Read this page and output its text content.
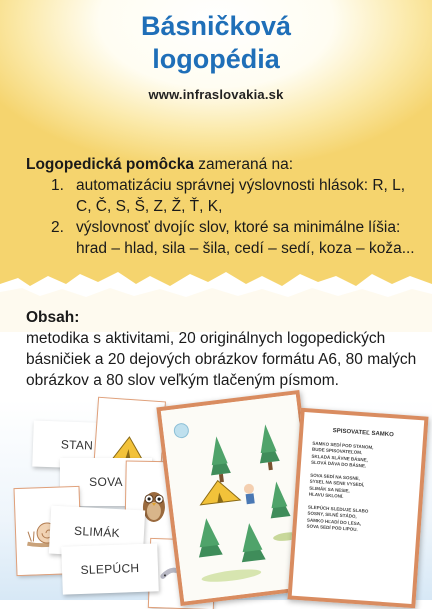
Básničková
logopédia
www.infraslovakia.sk
Logopedická pomôcka zameraná na:
1. automatizáciu správnej výslovnosti hlások: R, L, C, Č, S, Š, Z, Ž, Ť, K,
2. výslovnosť dvojíc slov, ktoré sa minimálne líšia: hrad – hlad, sila – šila, cedí – sedí, koza – koža...
Obsah:
metodika s aktivitami, 20 originálnych logopedických básničiek a 20 dejových obrázkov formátu A6, 80 malých obrázkov a 80 slov veľkým tlačeným písmom.
STAN
SOVA
SLIMÁK
SLEPÚCH
SPISOVATEĽ SAMKO
SAMKO SEDÍ POD STANOM,
BUDE SPISOVATEĽOM.
SKLADÁ SLÁVNE BÁSNE,
SLOVÁ DÁVA DO BÁSNE.

SOVA SEDÍ NA SOSNE,
SYSEL NA SENE VYSEDÍ,
SLIMÁK SA NESIE,
HLAVU SKLONÍ.

SLEPÚCH SLEDUJE SLABO
SOSNY, SILNÉ STÁDO,
SAMKO HĽADÍ DO LESA,
SOVA SEDÍ POD LIPOU.
